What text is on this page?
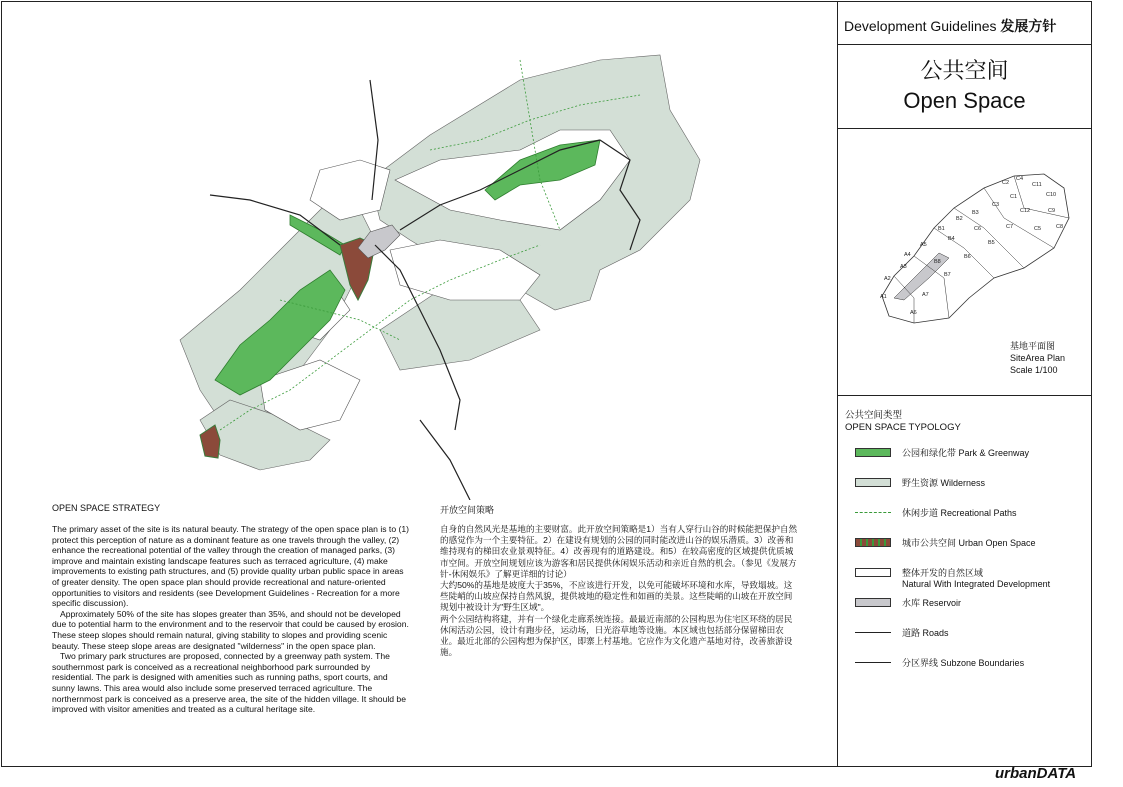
Development Guidelines 发展方针
公共空间
Open Space
C2
C4
C11
C1	C10
C12	C9
C3
C7
B3
B2
B1
B5
B4
A5
A4
A3
B6
A2
A1	A7
A6
B7
C5
C6	C8
B8
基地平面图
SiteArea Plan
Scale 1/100
公共空间类型
OPEN SPACE TYPOLOGY
公园和绿化带 Park & Greenway
野生资源 Wilderness
休闲步道 Recreational Paths
城市公共空间 Urban Open Space
整体开发的自然区域
Natural With Integrated Development
水库 Reservoir
道路 Roads
分区界线 Subzone Boundaries
OPEN SPACE STRATEGY

The primary asset of the site is its natural beauty. The strategy of the open space plan is to (1) protect this perception of nature as a dominant feature as one travels through the valley, (2) enhance the recreational potential of the valley through the creation of managed parks, (3) improve and maintain existing landscape features such as terraced agriculture, (4) make improvements to existing path structures, and (5) provide quality urban public space in areas of greater density. The open space plan should provide recreational and nature-oriented opportunities to visitors and residents (see Development Guidelines - Recreation for a more specific discussion).

Approximately 50% of the site has slopes greater than 35%, and should not be developed due to potential harm to the environment and to the reservoir that could be caused by erosion. These steep slopes should remain natural, giving stability to slopes and providing scenic beauty. These steep slope areas are designated "wilderness" in the open space plan.

Two primary park structures are proposed, connected by a greenway path system. The southernmost park is conceived as a recreational neighborhood park surrounded by residential. The park is designed with amenities such as running paths, sport courts, and sunny lawns. This area would also include some preserved terraced agriculture. The northernmost park is conceived as a preserve area, the site of the hidden village. It should be improved with visitor amenities and treated as a cultural heritage site.

开放空间策略

自身的自然风光是基地的主要财富。此开放空间策略是1）当有人穿行山谷的时候能把保护自然的感觉作为一个主要特征。2）在建设有规划的公园的同时能改进山谷的娱乐潜质。3）改善和维持现有的梯田农业景观特征。4）改善现有的道路建设。和5）在较高密度的区域提供优质城市空间。开放空间规划应该为游客和居民提供休闲娱乐活动和亲近自然的机会。（参见《发展方针-休闲娱乐》了解更详细的讨论）

大约50%的基地是坡度大于35%，不应该进行开发，以免可能破坏环境和水库，导致塌坡。这些陡峭的山坡应保持自然风貌，提供坡地的稳定性和如画的美景。这些陡峭的山坡在开放空间规划中被设计为"野生区域"。

两个公园结构将建，并有一个绿化走廊系统连接。最最近南部的公园构思为住宅区环绕的居民休闲活动公园，设计有跑步径，运动场，日光浴草地等设施。本区域也包括部分保留梯田农业。最近北部的公园构想为保护区，即寨上村基地。它应作为文化遗产基地对待，改善旅游设施。

urbanDATA
